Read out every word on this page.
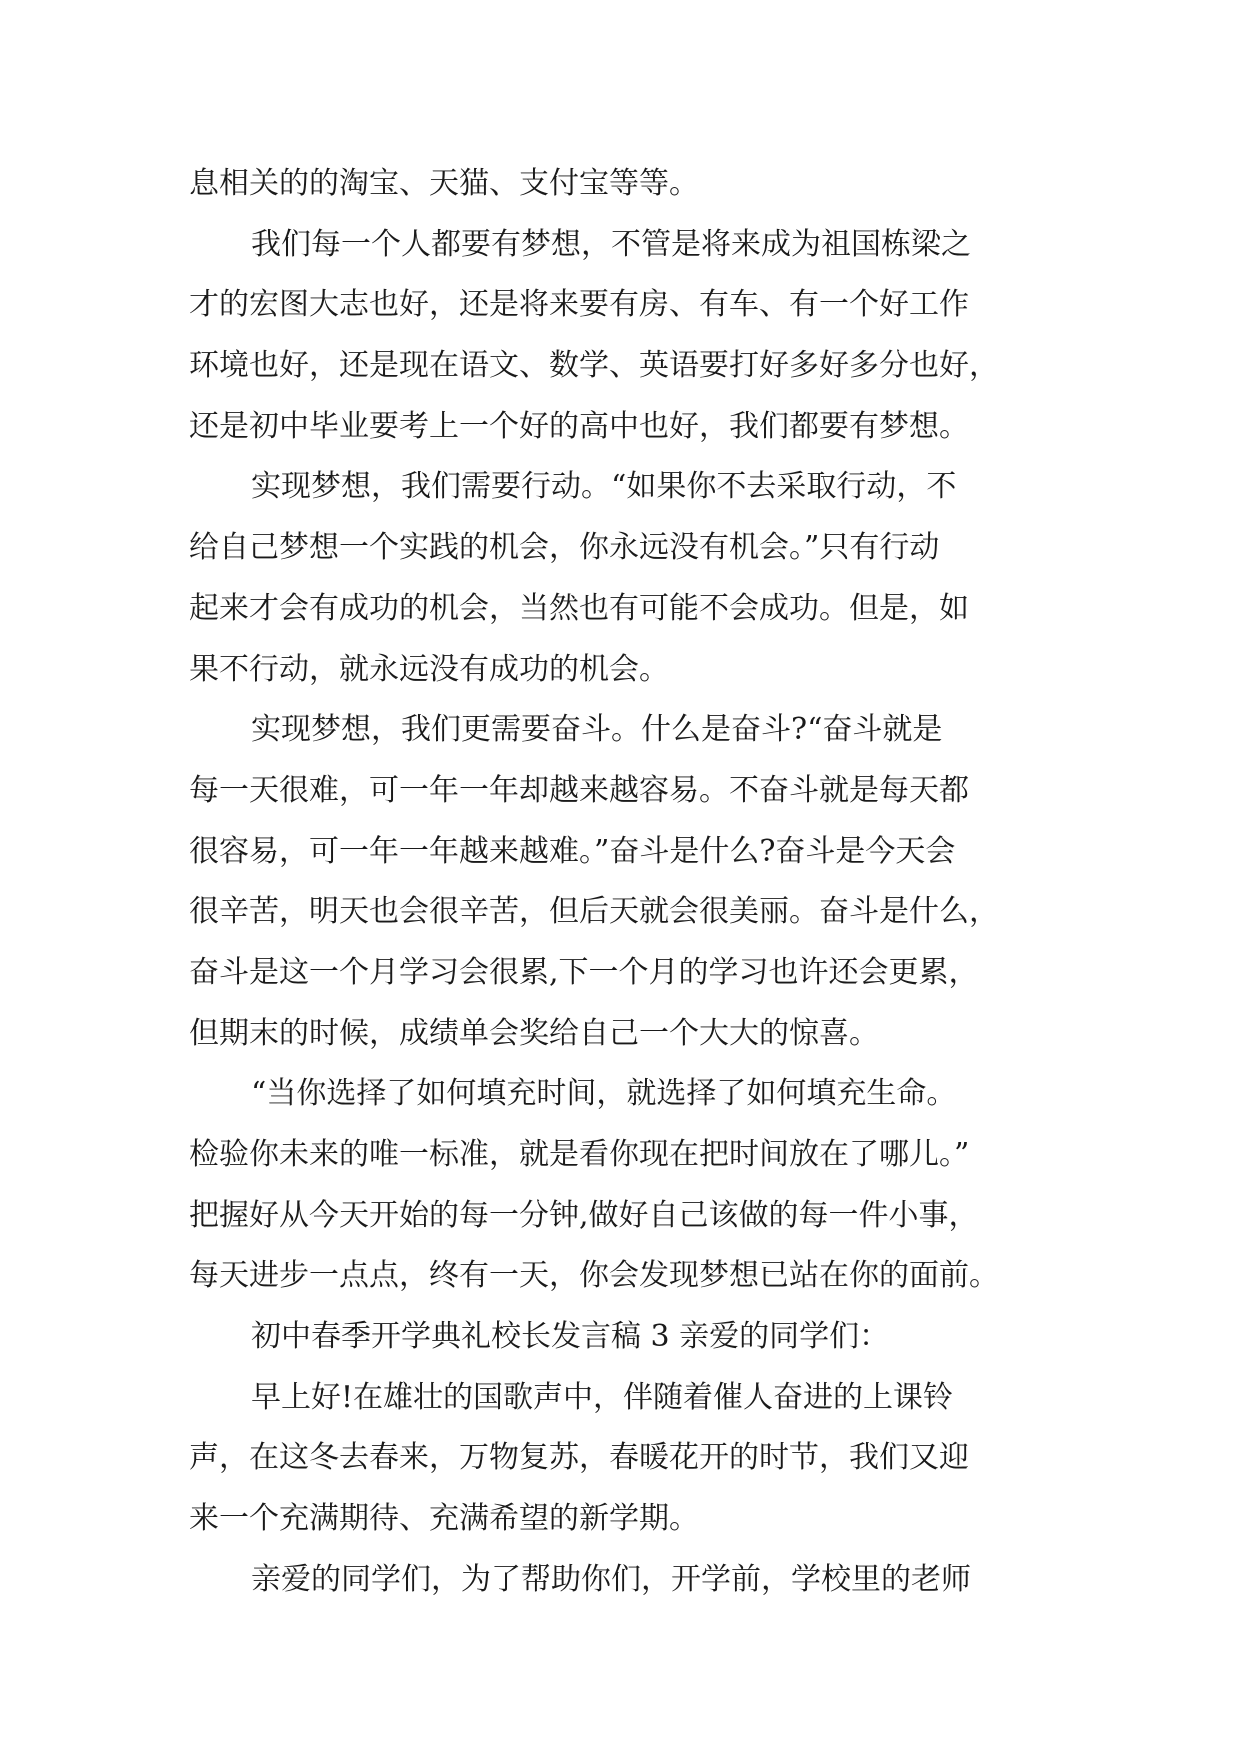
息相关的的淘宝、天猫、支付宝等等。
我们每一个人都要有梦想，不管是将来成为祖国栋梁之
才的宏图大志也好，还是将来要有房、有车、有一个好工作
环境也好，还是现在语文、数学、英语要打好多好多分也好，
还是初中毕业要考上一个好的高中也好，我们都要有梦想。
实现梦想，我们需要行动。“如果你不去采取行动，不
给自己梦想一个实践的机会，你永远没有机会。”只有行动
起来才会有成功的机会，当然也有可能不会成功。但是，如
果不行动，就永远没有成功的机会。
实现梦想，我们更需要奋斗。什么是奋斗?“奋斗就是
每一天很难，可一年一年却越来越容易。不奋斗就是每天都
很容易，可一年一年越来越难。”奋斗是什么?奋斗是今天会
很辛苦，明天也会很辛苦，但后天就会很美丽。奋斗是什么，
奋斗是这一个月学习会很累,下一个月的学习也许还会更累，
但期末的时候，成绩单会奖给自己一个大大的惊喜。
“当你选择了如何填充时间，就选择了如何填充生命。
检验你未来的唯一标准，就是看你现在把时间放在了哪儿。”
把握好从今天开始的每一分钟,做好自己该做的每一件小事，
每天进步一点点，终有一天，你会发现梦想已站在你的面前。
初中春季开学典礼校长发言稿 3 亲爱的同学们：
早上好!在雄壮的国歌声中，伴随着催人奋进的上课铃
声，在这冬去春来，万物复苏，春暖花开的时节，我们又迎
来一个充满期待、充满希望的新学期。
亲爱的同学们，为了帮助你们，开学前，学校里的老师
